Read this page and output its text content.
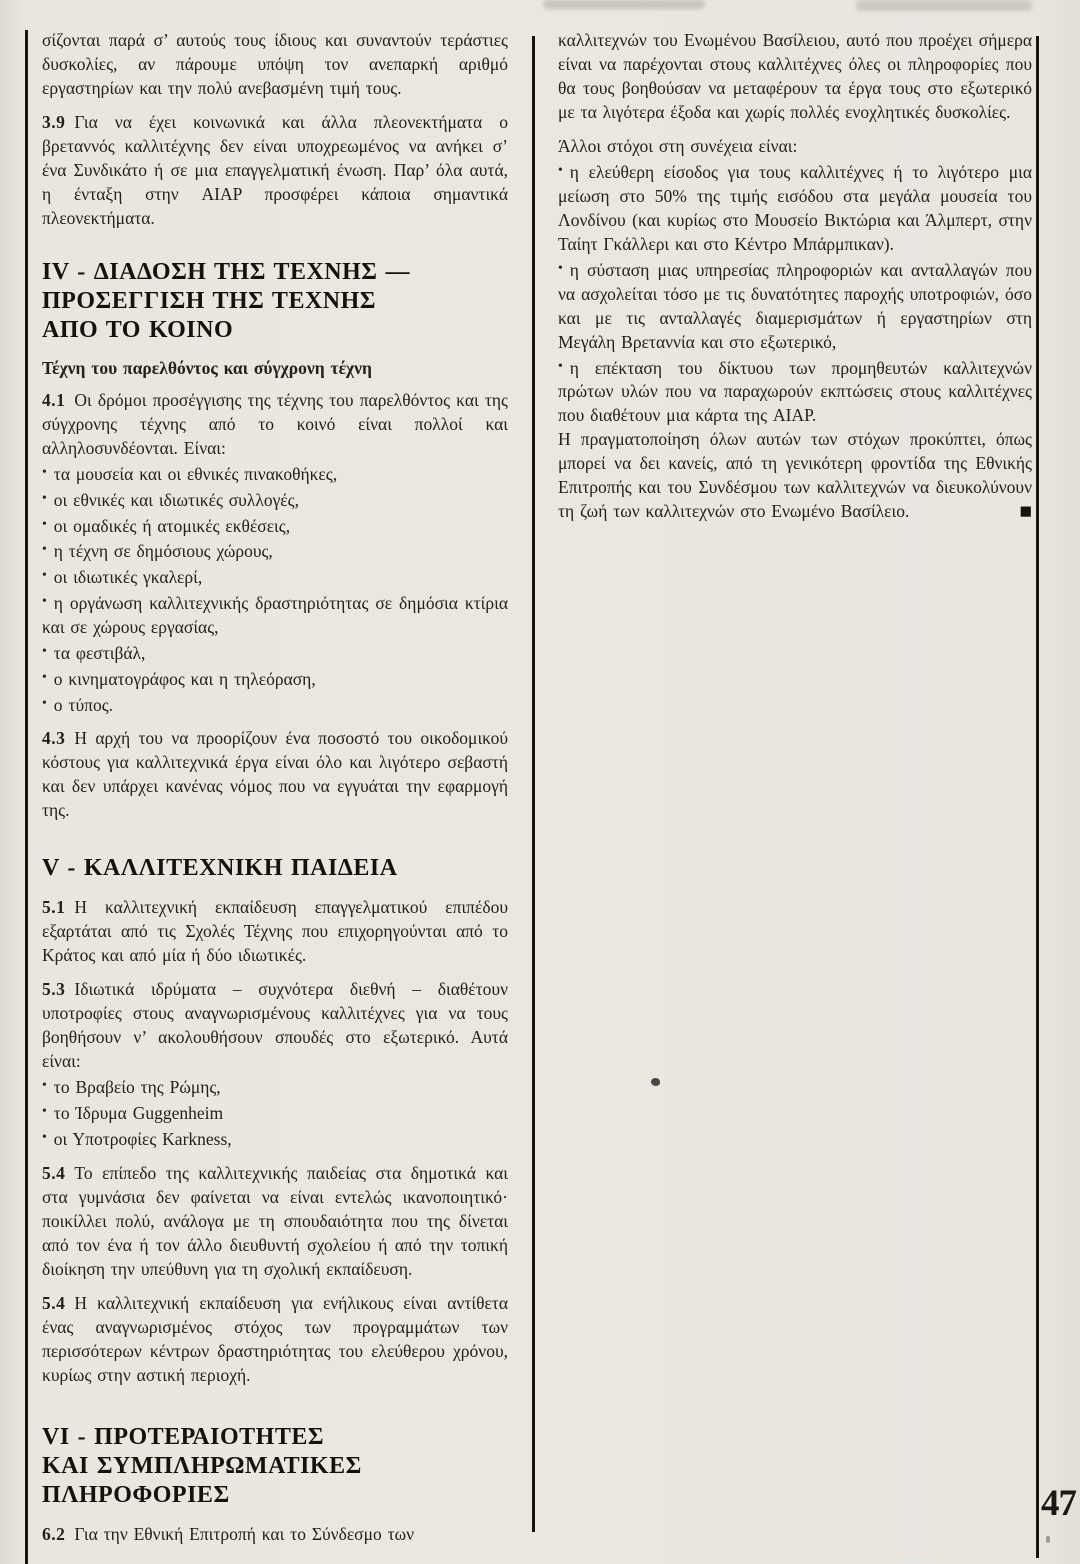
σίζονται παρά σ’ αυτούς τους ίδιους και συναντούν τεράστιες δυσκολίες, αν πάρουμε υπόψη τον ανεπαρκή αριθμό εργαστηρίων και την πολύ ανεβασμένη τιμή τους.

3.9 Για να έχει κοινωνικά και άλλα πλεονεκτήματα ο βρεταννός καλλιτέχνης δεν είναι υποχρεωμένος να ανήκει σ’ ένα Συνδικάτο ή σε μια επαγγελματική ένωση. Παρ’ όλα αυτά, η ένταξη στην AIAP προσφέρει κάποια σημαντικά πλεονεκτήματα.

IV - ΔΙΑΔΟΣΗ ΤΗΣ ΤΕΧΝΗΣ —
ΠΡΟΣΕΓΓΙΣΗ ΤΗΣ ΤΕΧΝΗΣ
ΑΠΟ ΤΟ ΚΟΙΝΟ
Τέχνη του παρελθόντος και σύγχρονη τέχνη

4.1 Οι δρόμοι προσέγγισης της τέχνης του παρελθόντος και της σύγχρονης τέχνης από το κοινό είναι πολλοί και αλληλοσυνδέονται. Είναι:

• τα μουσεία και οι εθνικές πινακοθήκες,

• οι εθνικές και ιδιωτικές συλλογές,

• οι ομαδικές ή ατομικές εκθέσεις,

• η τέχνη σε δημόσιους χώρους,

• οι ιδιωτικές γκαλερί,

• η οργάνωση καλλιτεχνικής δραστηριότητας σε δημόσια κτίρια και σε χώρους εργασίας,

• τα φεστιβάλ,

• ο κινηματογράφος και η τηλεόραση,

• ο τύπος.

4.3 Η αρχή του να προορίζουν ένα ποσοστό του οικοδομικού κόστους για καλλιτεχνικά έργα είναι όλο και λιγότερο σεβαστή και δεν υπάρχει κανένας νόμος που να εγγυάται την εφαρμογή της.

V - ΚΑΛΛΙΤΕΧΝΙΚΗ ΠΑΙΔΕΙΑ

5.1 Η καλλιτεχνική εκπαίδευση επαγγελματικού επιπέδου εξαρτάται από τις Σχολές Τέχνης που επιχορηγούνται από το Κράτος και από μία ή δύο ιδιωτικές.

5.3 Ιδιωτικά ιδρύματα – συχνότερα διεθνή – διαθέτουν υποτροφίες στους αναγνωρισμένους καλλιτέχνες για να τους βοηθήσουν ν’ ακολουθήσουν σπουδές στο εξωτερικό. Αυτά είναι:

• το Βραβείο της Ρώμης,

• το Ίδρυμα Guggenheim

• οι Υποτροφίες Karkness,

5.4 Το επίπεδο της καλλιτεχνικής παιδείας στα δημοτικά και στα γυμνάσια δεν φαίνεται να είναι εντελώς ικανοποιητικό· ποικίλλει πολύ, ανάλογα με τη σπουδαιότητα που της δίνεται από τον ένα ή τον άλλο διευθυντή σχολείου ή από την τοπική διοίκηση την υπεύθυνη για τη σχολική εκπαίδευση.

5.4 Η καλλιτεχνική εκπαίδευση για ενήλικους είναι αντίθετα ένας αναγνωρισμένος στόχος των προγραμμάτων των περισσότερων κέντρων δραστηριότητας του ελεύθερου χρόνου, κυρίως στην αστική περιοχή.

VI - ΠΡΟΤΕΡΑΙΟΤΗΤΕΣ
ΚΑΙ ΣΥΜΠΛΗΡΩΜΑΤΙΚΕΣ
ΠΛΗΡΟΦΟΡΙΕΣ

6.2 Για την Εθνική Επιτροπή και το Σύνδεσμο των

καλλιτεχνών του Ενωμένου Βασίλειου, αυτό που προέχει σήμερα είναι να παρέχονται στους καλλιτέχνες όλες οι πληροφορίες που θα τους βοηθούσαν να μεταφέρουν τα έργα τους στο εξωτερικό με τα λιγότερα έξοδα και χωρίς πολλές ενοχλητικές δυσκολίες.

Άλλοι στόχοι στη συνέχεια είναι:

• η ελεύθερη είσοδος για τους καλλιτέχνες ή το λιγότερο μια μείωση στο 50% της τιμής εισόδου στα μεγάλα μουσεία του Λονδίνου (και κυρίως στο Μουσείο Βικτώρια και Άλμπερτ, στην Ταίητ Γκάλλερι και στο Κέντρο Μπάρμπικαν).

• η σύσταση μιας υπηρεσίας πληροφοριών και ανταλλαγών που να ασχολείται τόσο με τις δυνατότητες παροχής υποτροφιών, όσο και με τις ανταλλαγές διαμερισμάτων ή εργαστηρίων στη Μεγάλη Βρεταννία και στο εξωτερικό,

• η επέκταση του δίκτυου των προμηθευτών καλλιτεχνών πρώτων υλών που να παραχωρούν εκπτώσεις στους καλλιτέχνες που διαθέτουν μια κάρτα της AIAP.

Η πραγματοποίηση όλων αυτών των στόχων προκύπτει, όπως μπορεί να δει κανείς, από τη γενικότερη φροντίδα της Εθνικής Επιτροπής και του Συνδέσμου των καλλιτεχνών να διευκολύνουν τη ζωή των καλλιτεχνών στο Ενωμένο Βασίλειο.	■

47
